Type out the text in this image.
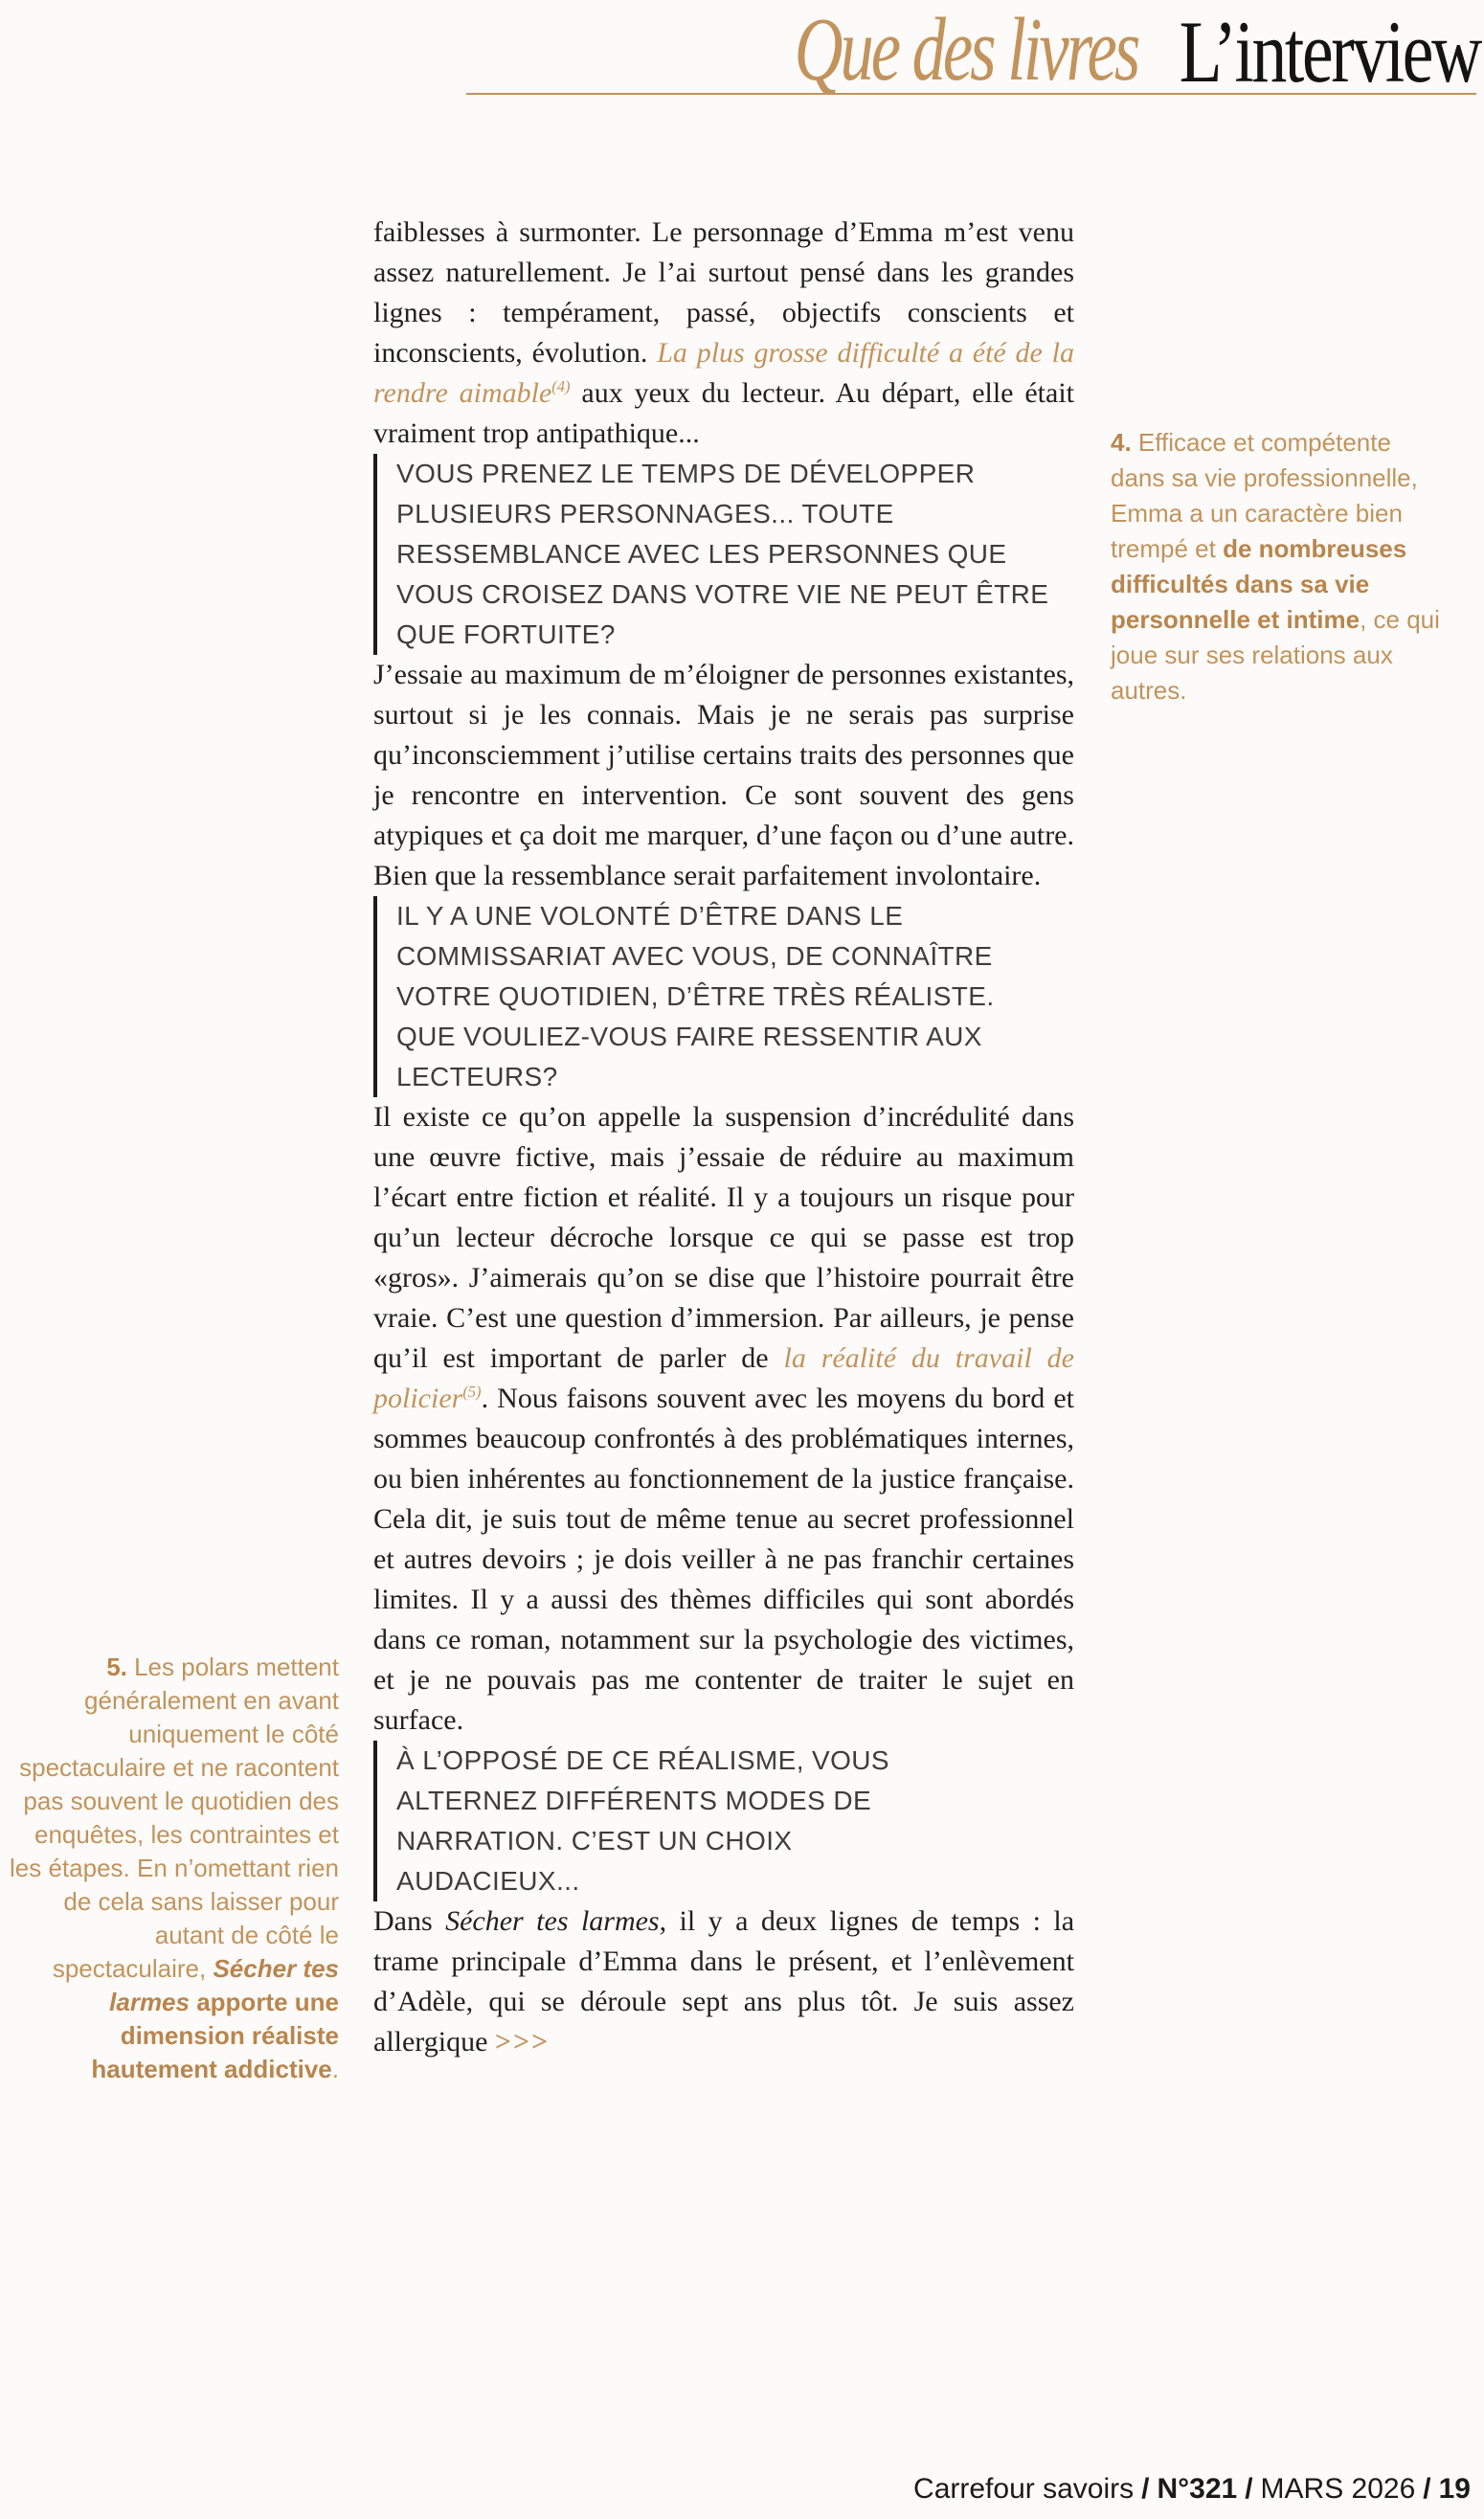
Que des livres L’interview

faiblesses à surmonter. Le personnage d’Emma m’est venu assez naturellement. Je l’ai surtout pensé dans les grandes lignes : tempérament, passé, objectifs conscients et inconscients, évolution. La plus grosse difficulté a été de la rendre aimable$^{(4)}$ aux yeux du lecteur. Au départ, elle était vraiment trop antipathique...

VOUS PRENEZ LE TEMPS DE DÉVELOPPER PLUSIEURS PERSONNAGES... TOUTE RESSEMBLANCE AVEC LES PERSONNES QUE VOUS CROISEZ DANS VOTRE VIE NE PEUT ÊTRE QUE FORTUITE?

J’essaie au maximum de m’éloigner de personnes existantes, surtout si je les connais. Mais je ne serais pas surprise qu’inconsciemment j’utilise certains traits des personnes que je rencontre en intervention. Ce sont souvent des gens atypiques et ça doit me marquer, d’une façon ou d’une autre. Bien que la ressemblance serait parfaitement involontaire.

IL Y A UNE VOLONTÉ D’ÊTRE DANS LE COMMISSARIAT AVEC VOUS, DE CONNAÎTRE VOTRE QUOTIDIEN, D’ÊTRE TRÈS RÉALISTE. QUE VOULIEZ-VOUS FAIRE RESSENTIR AUX LECTEURS?

Il existe ce qu’on appelle la suspension d’incrédulité dans une œuvre fictive, mais j’essaie de réduire au maximum l’écart entre fiction et réalité. Il y a toujours un risque pour qu’un lecteur décroche lorsque ce qui se passe est trop «gros». J’aimerais qu’on se dise que l’histoire pourrait être vraie. C’est une question d’immersion. Par ailleurs, je pense qu’il est important de parler de la réalité du travail de policier$^{(5)}$. Nous faisons souvent avec les moyens du bord et sommes beaucoup confrontés à des problématiques internes, ou bien inhérentes au fonctionnement de la justice française. Cela dit, je suis tout de même tenue au secret professionnel et autres devoirs ; je dois veiller à ne pas franchir certaines limites. Il y a aussi des thèmes difficiles qui sont abordés dans ce roman, notamment sur la psychologie des victimes, et je ne pouvais pas me contenter de traiter le sujet en surface.

À L’OPPOSÉ DE CE RÉALISME, VOUS ALTERNEZ DIFFÉRENTS MODES DE NARRATION. C’EST UN CHOIX AUDACIEUX...

Dans Sécher tes larmes, il y a deux lignes de temps : la trame principale d’Emma dans le présent, et l’enlèvement d’Adèle, qui se déroule sept ans plus tôt. Je suis assez allergique >>>

4. Efficace et compétente dans sa vie professionnelle, Emma a un caractère bien trempé et de nombreuses difficultés dans sa vie personnelle et intime, ce qui joue sur ses relations aux autres.
5. Les polars mettent généralement en avant uniquement le côté spectaculaire et ne racontent pas souvent le quotidien des enquêtes, les contraintes et les étapes. En n’omettant rien de cela sans laisser pour autant de côté le spectaculaire, Sécher tes larmes apporte une dimension réaliste hautement addictive.
Carrefour savoirs / N°321 / MARS 2026 / 19
